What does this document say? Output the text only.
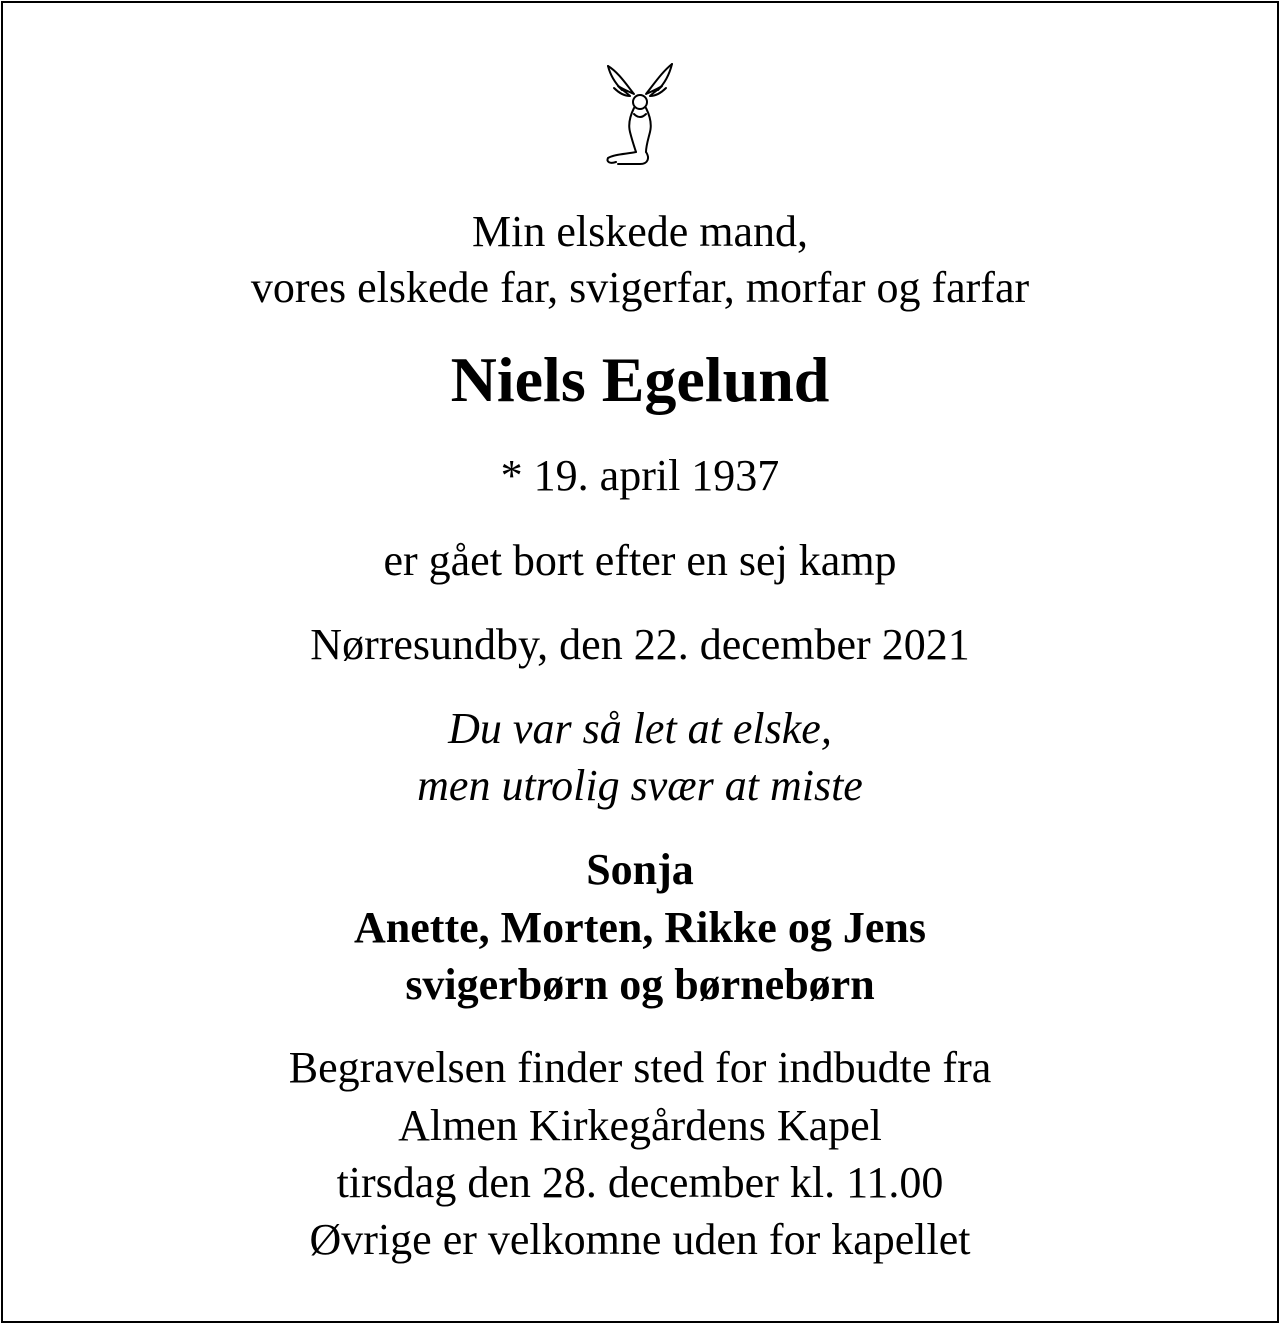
Min elskede mand,
vores elskede far, svigerfar, morfar og farfar
Niels Egelund
* 19. april 1937
er gået bort efter en sej kamp
Nørresundby, den 22. december 2021
Du var så let at elske,
men utrolig svær at miste
Sonja
Anette, Morten, Rikke og Jens
svigerbørn og børnebørn
Begravelsen finder sted for indbudte fra
Almen Kirkegårdens Kapel
tirsdag den 28. december kl. 11.00
Øvrige er velkomne uden for kapellet
